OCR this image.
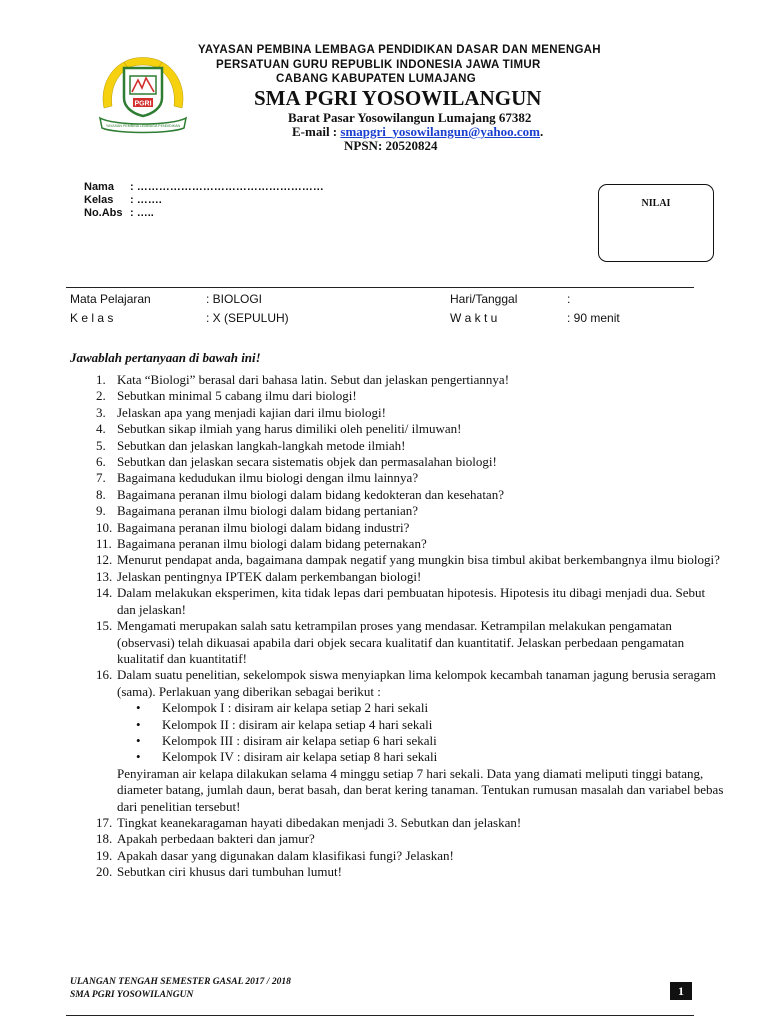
PGRI
YAYASAN PEMBINA LEMBAGA PENDIDIKAN
YAYASAN PEMBINA LEMBAGA PENDIDIKAN DASAR DAN MENENGAH
PERSATUAN GURU REPUBLIK INDONESIA JAWA TIMUR
CABANG KABUPATEN LUMAJANG
SMA PGRI YOSOWILANGUN
Barat Pasar Yosowilangun Lumajang 67382
E-mail : smapgri_yosowilangun@yahoo.com.
NPSN: 20520824
Nama : ……………………………………………
Kelas : …….
No.Abs : …..
NILAI
Mata Pelajaran	: BIOLOGI	Hari/Tanggal	:
K e l a s	: X (SEPULUH)	W a k t u	: 90 menit
Jawablah pertanyaan di bawah ini!
1. Kata “Biologi” berasal dari bahasa latin. Sebut dan jelaskan pengertiannya!
2. Sebutkan minimal 5 cabang ilmu dari biologi!
3. Jelaskan apa yang menjadi kajian dari ilmu biologi!
4. Sebutkan sikap ilmiah yang harus dimiliki oleh peneliti/ ilmuwan!
5. Sebutkan dan jelaskan langkah-langkah metode ilmiah!
6. Sebutkan dan jelaskan secara sistematis objek dan permasalahan biologi!
7. Bagaimana kedudukan ilmu biologi dengan ilmu lainnya?
8. Bagaimana peranan ilmu biologi dalam bidang kedokteran dan kesehatan?
9. Bagaimana peranan ilmu biologi dalam bidang pertanian?
10. Bagaimana peranan ilmu biologi dalam bidang industri?
11. Bagaimana peranan ilmu biologi dalam bidang peternakan?
12. Menurut pendapat anda, bagaimana dampak negatif yang mungkin bisa timbul akibat berkembangnya ilmu biologi?
13. Jelaskan pentingnya IPTEK dalam perkembangan biologi!
14. Dalam melakukan eksperimen, kita tidak lepas dari pembuatan hipotesis. Hipotesis itu dibagi menjadi dua. Sebut dan jelaskan!
15. Mengamati merupakan salah satu ketrampilan proses yang mendasar. Ketrampilan melakukan pengamatan (observasi) telah dikuasai apabila dari objek secara kualitatif dan kuantitatif. Jelaskan perbedaan pengamatan kualitatif dan kuantitatif!
16. Dalam suatu penelitian, sekelompok siswa menyiapkan lima kelompok kecambah tanaman jagung berusia seragam (sama). Perlakuan yang diberikan sebagai berikut :
•	Kelompok I : disiram air kelapa setiap 2 hari sekali
•	Kelompok II : disiram air kelapa setiap 4 hari sekali
•	Kelompok III : disiram air kelapa setiap 6 hari sekali
•	Kelompok IV : disiram air kelapa setiap 8 hari sekali
Penyiraman air kelapa dilakukan selama 4 minggu setiap 7 hari sekali. Data yang diamati meliputi tinggi batang, diameter batang, jumlah daun, berat basah, dan berat kering tanaman. Tentukan rumusan masalah dan variabel bebas dari penelitian tersebut!
17. Tingkat keanekaragaman hayati dibedakan menjadi 3. Sebutkan dan jelaskan!
18. Apakah perbedaan bakteri dan jamur?
19. Apakah dasar yang digunakan dalam klasifikasi fungi? Jelaskan!
20. Sebutkan ciri khusus dari tumbuhan lumut!
ULANGAN TENGAH SEMESTER GASAL 2017 / 2018
SMA PGRI YOSOWILANGUN	1
